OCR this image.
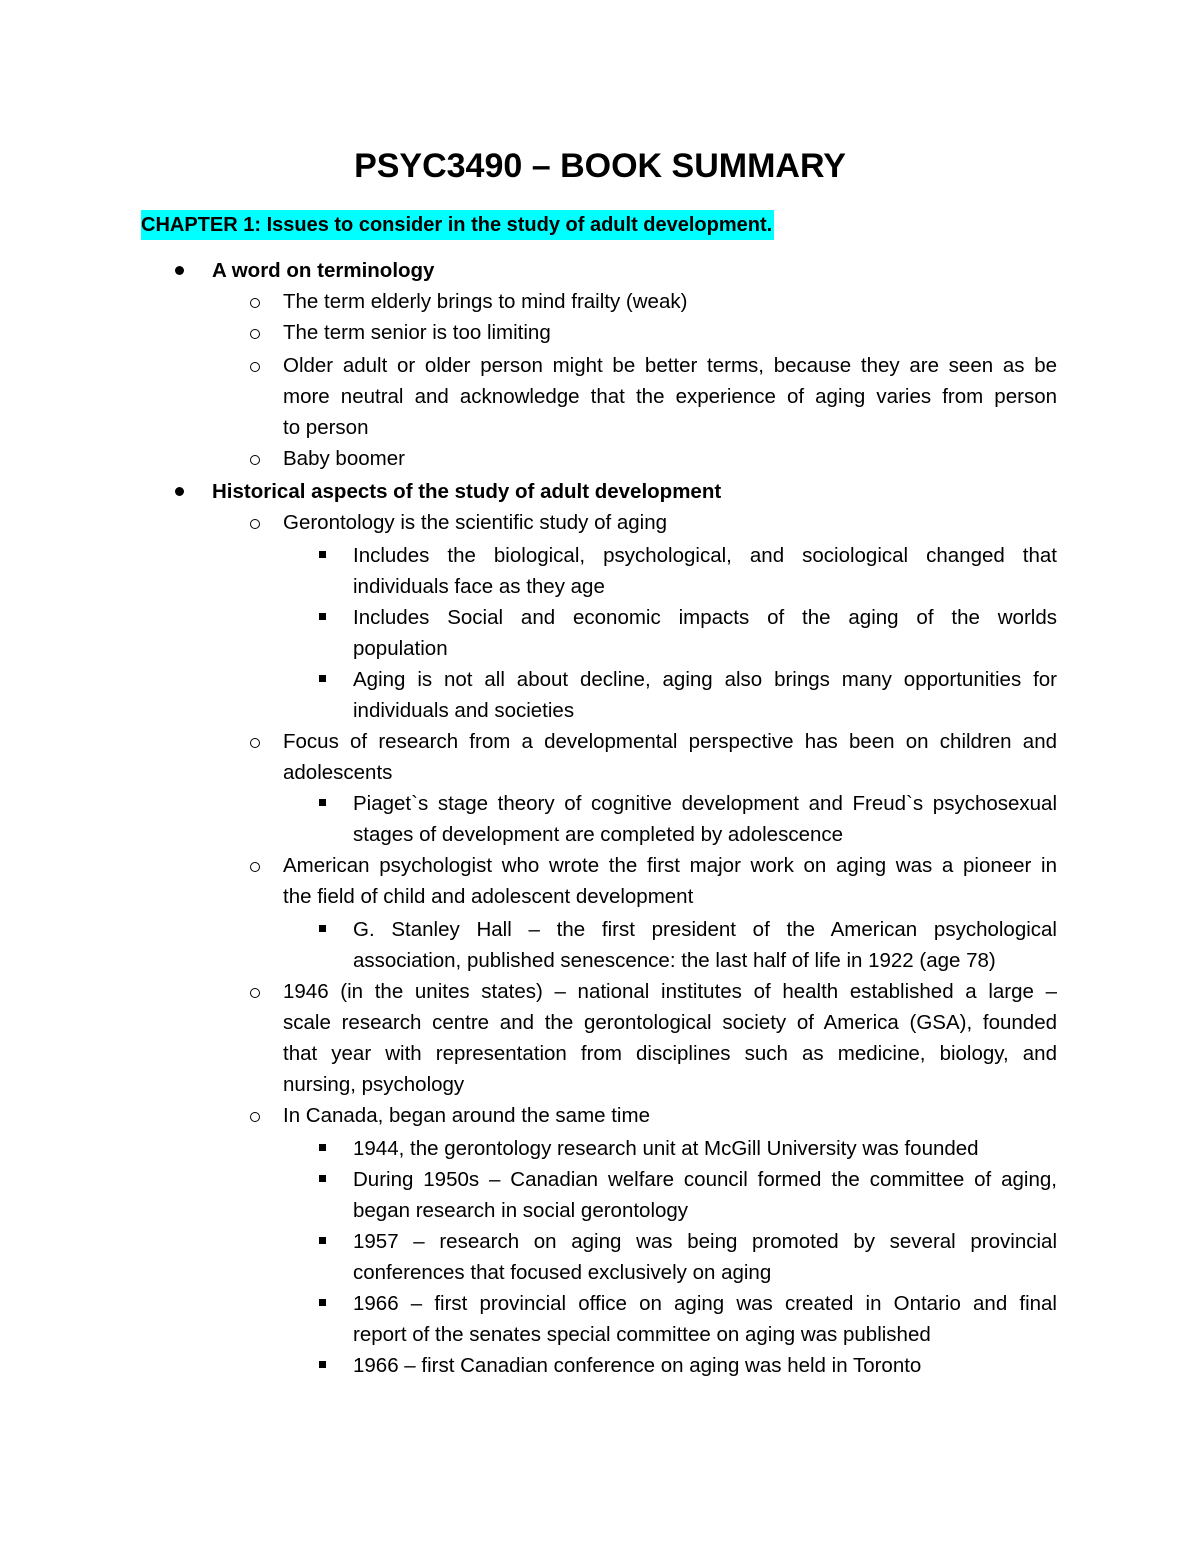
PSYC3490 – BOOK SUMMARY
CHAPTER 1: Issues to consider in the study of adult development.
A word on terminology
The term elderly brings to mind frailty (weak)
The term senior is too limiting
Older adult or older person might be better terms, because they are seen as be
more neutral and acknowledge that the experience of aging varies from person
to person
Baby boomer
Historical aspects of the study of adult development
Gerontology is the scientific study of aging
Includes the biological, psychological, and sociological changed that
individuals face as they age
Includes Social and economic impacts of the aging of the worlds
population
Aging is not all about decline, aging also brings many opportunities for
individuals and societies
Focus of research from a developmental perspective has been on children and
adolescents
Piaget`s stage theory of cognitive development and Freud`s psychosexual
stages of development are completed by adolescence
American psychologist who wrote the first major work on aging was a pioneer in
the field of child and adolescent development
G. Stanley Hall – the first president of the American psychological
association, published senescence: the last half of life in 1922 (age 78)
1946 (in the unites states) – national institutes of health established a large –
scale research centre and the gerontological society of America (GSA), founded
that year with representation from disciplines such as medicine, biology, and
nursing, psychology
In Canada, began around the same time
1944, the gerontology research unit at McGill University was founded
During 1950s – Canadian welfare council formed the committee of aging,
began research in social gerontology
1957 – research on aging was being promoted by several provincial
conferences that focused exclusively on aging
1966 – first provincial office on aging was created in Ontario and final
report of the senates special committee on aging was published
1966 – first Canadian conference on aging was held in Toronto
